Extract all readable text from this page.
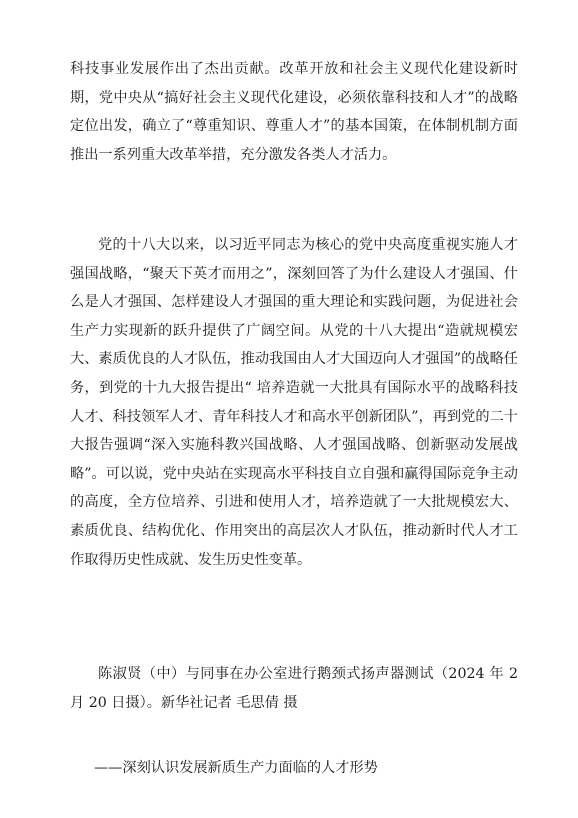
科技事业发展作出了杰出贡献。改革开放和社会主义现代化建设新时期，党中央从“搞好社会主义现代化建设，必须依靠科技和人才”的战略定位出发，确立了“尊重知识、尊重人才”的基本国策，在体制机制方面推出一系列重大改革举措，充分激发各类人才活力。

党的十八大以来，以习近平同志为核心的党中央高度重视实施人才强国战略，“聚天下英才而用之”，深刻回答了为什么建设人才强国、什么是人才强国、怎样建设人才强国的重大理论和实践问题，为促进社会生产力实现新的跃升提供了广阔空间。从党的十八大提出“造就规模宏大、素质优良的人才队伍，推动我国由人才大国迈向人才强国”的战略任务，到党的十九大报告提出“ 培养造就一大批具有国际水平的战略科技人才、科技领军人才、青年科技人才和高水平创新团队”，再到党的二十大报告强调“深入实施科教兴国战略、人才强国战略、创新驱动发展战略”。可以说，党中央站在实现高水平科技自立自强和赢得国际竞争主动的高度，全方位培养、引进和使用人才，培养造就了一大批规模宏大、素质优良、结构优化、作用突出的高层次人才队伍，推动新时代人才工作取得历史性成就、发生历史性变革。

陈淑贤（中）与同事在办公室进行鹅颈式扬声器测试（2024 年 2 月 20 日摄）。新华社记者 毛思倩 摄

——深刻认识发展新质生产力面临的人才形势
